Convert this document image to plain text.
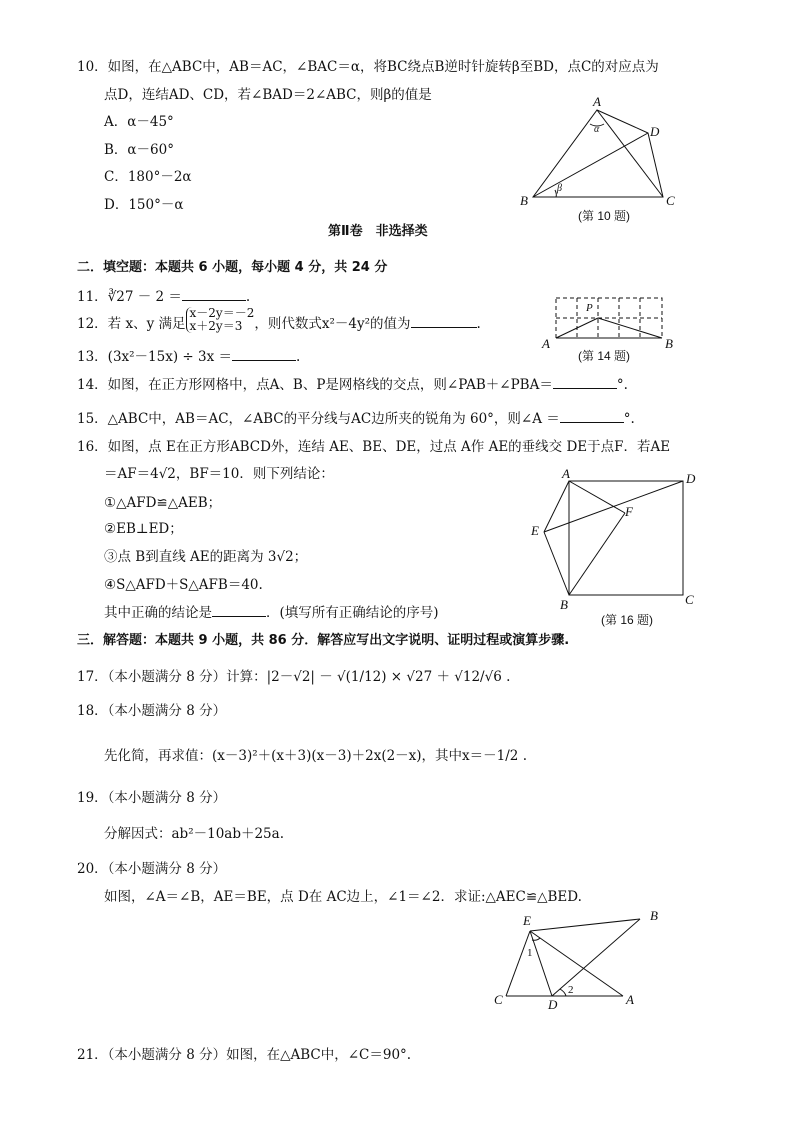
10．如图，在△ABC中，AB＝AC，∠BAC＝α，将BC绕点B逆时针旋转β至BD，点C的对应点为
点D，连结AD、CD，若∠BAD＝2∠ABC，则β的值是
A．α－45°
B．α－60°
C．180°－2α
D．150°－α
A
D
B	C
α
β
(第 10 题)
第Ⅱ卷　非选择类
二．填空题：本题共 6 小题，每小题 4 分，共 24 分
11．∛27 － 2 ＝	.
12．若 x、y 满足
x－2y＝－2
x＋2y＝3 ，则代数式x²－4y²的值为	.
P
A	B
(第 14 题)
13．(3x²－15x) ÷ 3x ＝	.
14．如图，在正方形网格中，点A、B、P是网格线的交点，则∠PAB＋∠PBA＝	°.
15．△ABC中，AB＝AC，∠ABC的平分线与AC边所夹的锐角为 60°，则∠A ＝	°.
16．如图，点 E在正方形ABCD外，连结 AE、BE、DE，过点 A作 AE的垂线交 DE于点F．若AE
＝AF＝4√2，BF＝10．则下列结论：
①△AFD≌△AEB；
②EB⊥ED；
③点 B到直线 AE的距离为 3√2；
④S△AFD＋S△AFB＝40.
其中正确的结论是	．(填写所有正确结论的序号)
A	D
E
F
B	C
(第 16 题)
三．解答题：本题共 9 小题，共 86 分．解答应写出文字说明、证明过程或演算步骤.
17．（本小题满分 8 分）计算：|2－√2| － √(1/12) × √27 ＋ √12/√6 .
18．（本小题满分 8 分）
先化简，再求值：(x－3)²＋(x＋3)(x－3)＋2x(2－x)，其中x＝－1/2 .
19．（本小题满分 8 分）
分解因式：ab²－10ab＋25a.
20．（本小题满分 8 分）
如图，∠A＝∠B，AE＝BE，点 D在 AC边上，∠1＝∠2．求证:△AEC≌△BED.
E	B
C	D	A
1
2
21．（本小题满分 8 分）如图，在△ABC中，∠C＝90°.
